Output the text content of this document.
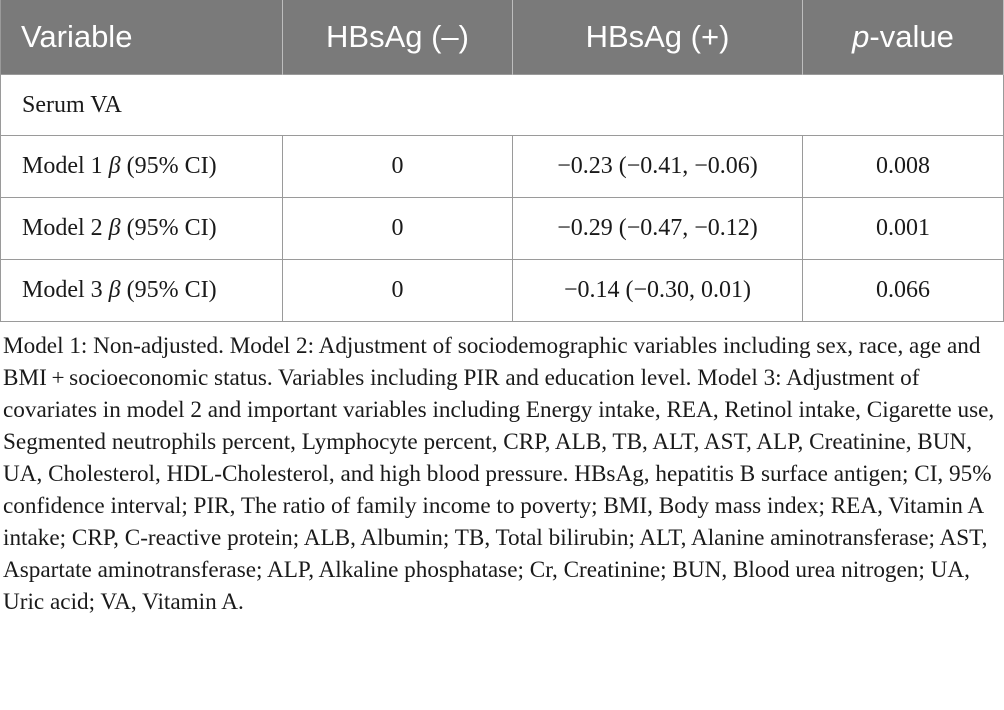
Variable	HBsAg (–)	HBsAg (+)	p-value
Serum VA			
Model 1 β (95% CI)	0	−0.23 (−0.41, −0.06)	0.008
Model 2 β (95% CI)	0	−0.29 (−0.47, −0.12)	0.001
Model 3 β (95% CI)	0	−0.14 (−0.30, 0.01)	0.066

Model 1: Non-adjusted. Model 2: Adjustment of sociodemographic variables including sex, race, age and BMI + socioeconomic status. Variables including PIR and education level. Model 3: Adjustment of covariates in model 2 and important variables including Energy intake, REA, Retinol intake, Cigarette use, Segmented neutrophils percent, Lymphocyte percent, CRP, ALB, TB, ALT, AST, ALP, Creatinine, BUN, UA, Cholesterol, HDL-Cholesterol, and high blood pressure. HBsAg, hepatitis B surface antigen; CI, 95% confidence interval; PIR, The ratio of family income to poverty; BMI, Body mass index; REA, Vitamin A intake; CRP, C-reactive protein; ALB, Albumin; TB, Total bilirubin; ALT, Alanine aminotransferase; AST, Aspartate aminotransferase; ALP, Alkaline phosphatase; Cr, Creatinine; BUN, Blood urea nitrogen; UA, Uric acid; VA, Vitamin A.
